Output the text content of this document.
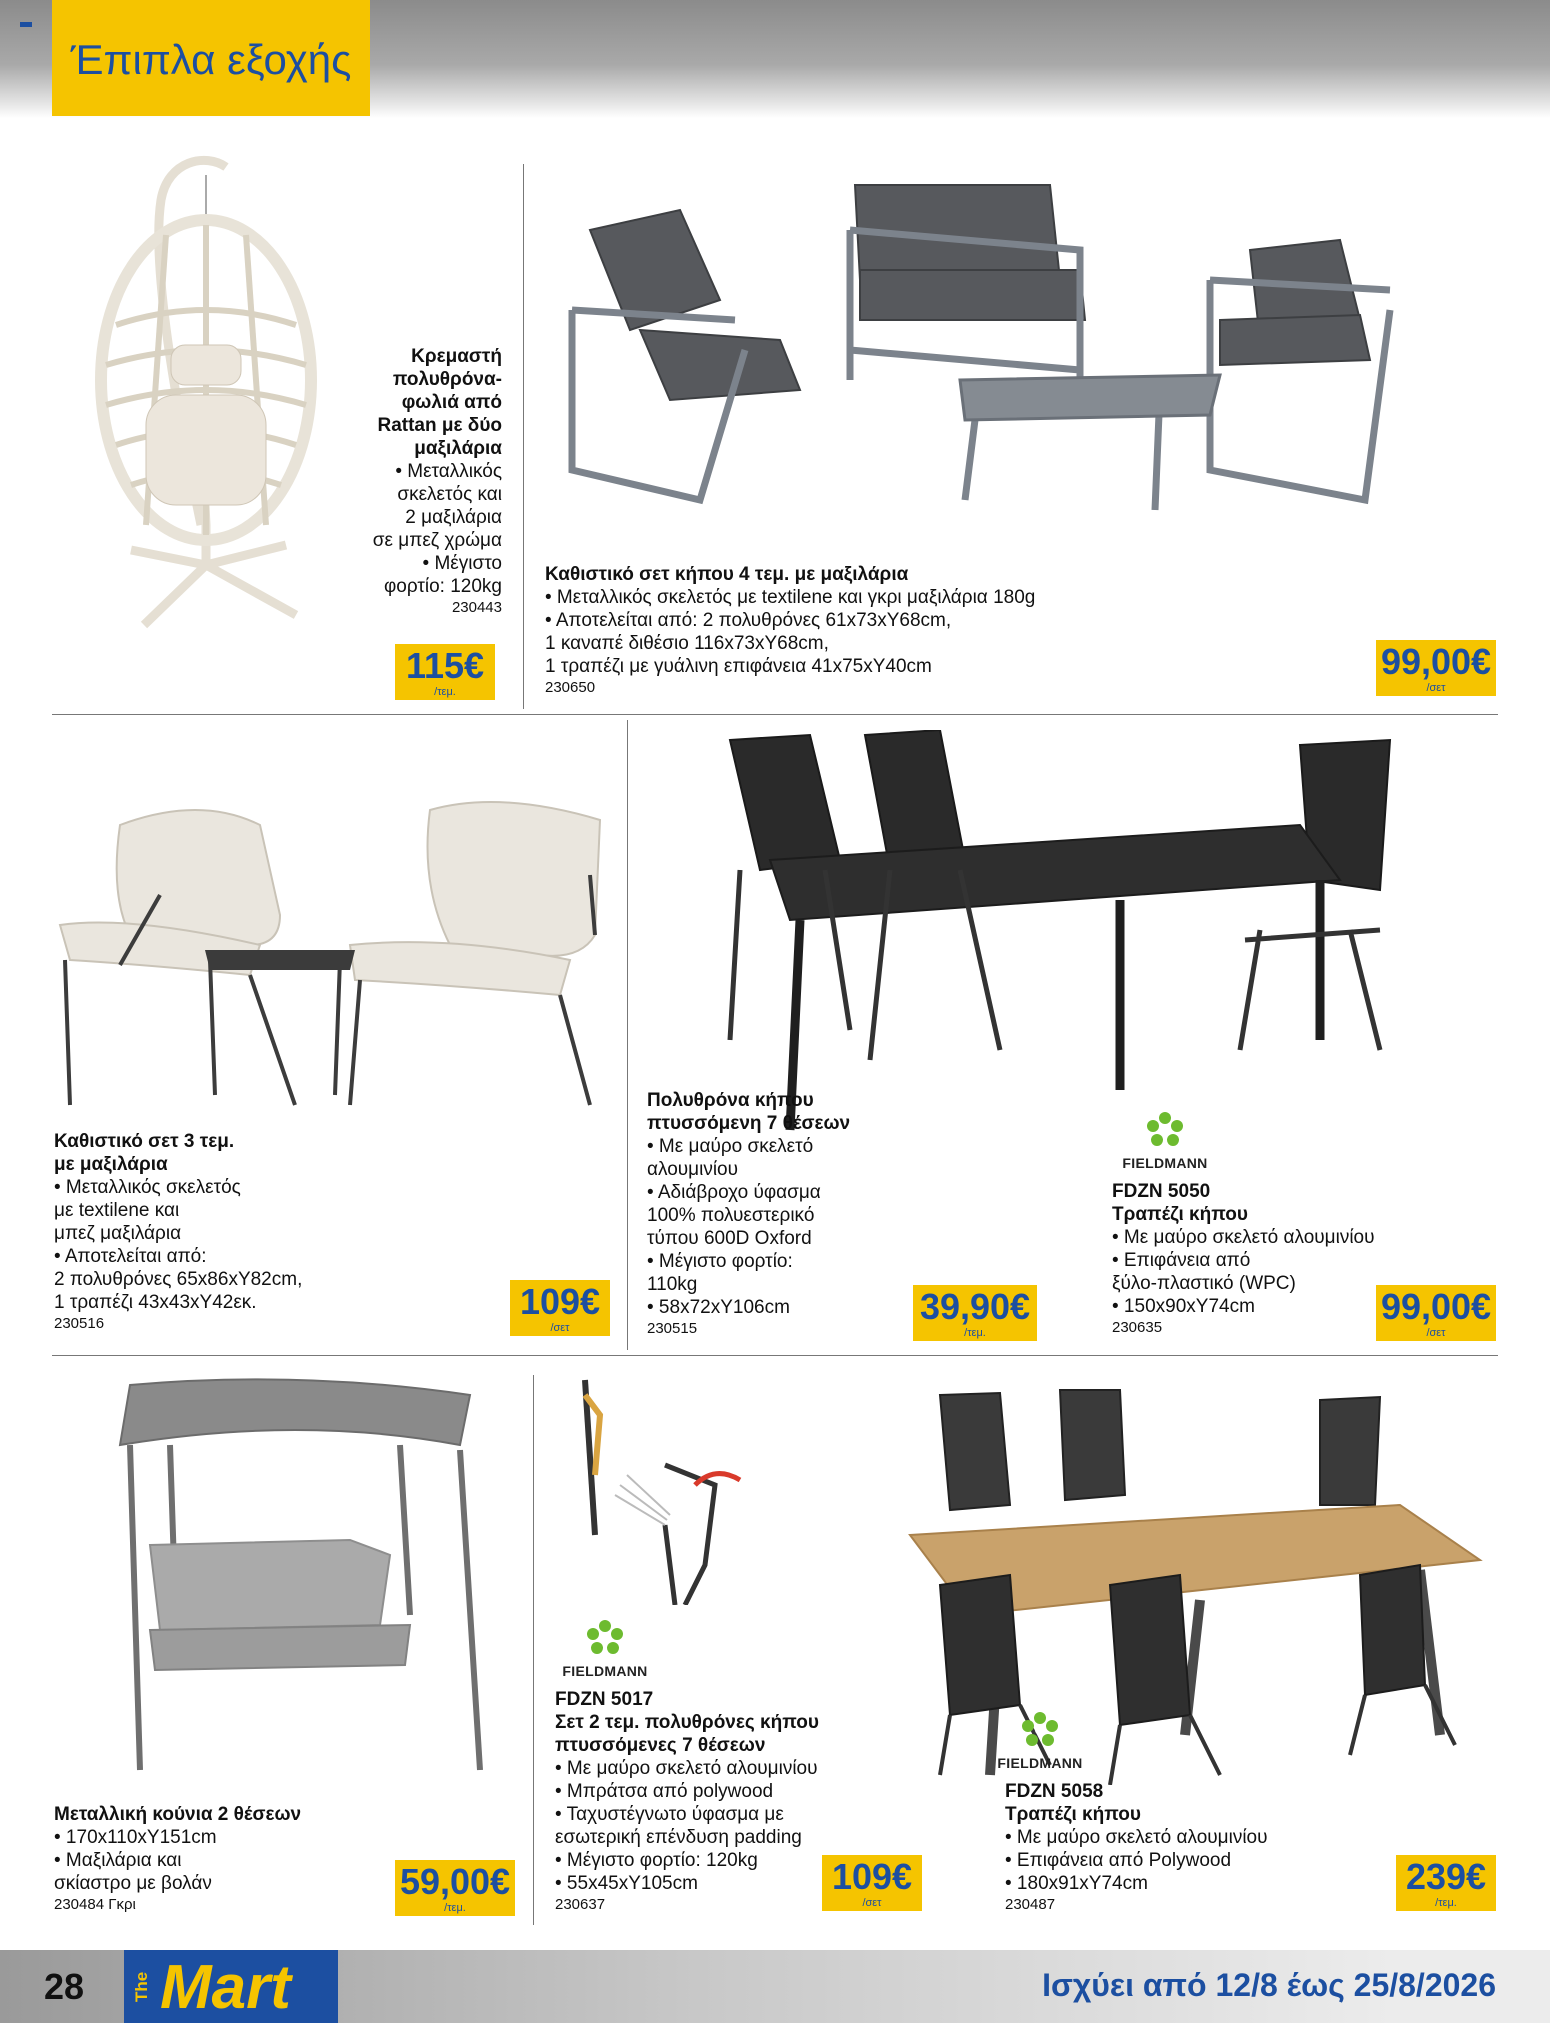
Έπιπλα εξοχής
Κρεμαστή
πολυθρόνα-
φωλιά από
Rattan με δύο
μαξιλάρια
• Μεταλλικός
σκελετός και
2 μαξιλάρια
σε μπεζ χρώμα
• Μέγιστο
φορτίο: 120kg
230443
115€
/τεμ.
Καθιστικό σετ κήπου 4 τεμ. με μαξιλάρια
• Μεταλλικός σκελετός με textilene και γκρι μαξιλάρια 180g
• Αποτελείται από: 2 πολυθρόνες 61x73xY68cm,
1 καναπέ διθέσιο 116x73xY68cm,
1 τραπέζι με γυάλινη επιφάνεια 41x75xY40cm
230650
99,00€
/σετ
Καθιστικό σετ 3 τεμ.
με μαξιλάρια
• Μεταλλικός σκελετός
με textilene και
μπεζ μαξιλάρια
• Αποτελείται από:
2 πολυθρόνες 65x86xY82cm,
1 τραπέζι 43x43xY42εκ.
230516
109€
/σετ
Πολυθρόνα κήπου
πτυσσόμενη 7 θέσεων
• Με μαύρο σκελετό
αλουμινίου
• Αδιάβροχο ύφασμα
100% πολυεστερικό
τύπου 600D Oxford
• Μέγιστο φορτίο:
110kg
• 58x72xY106cm
230515
39,90€
/τεμ.
FIELDMANN
FDZN 5050
Τραπέζι κήπου
• Με μαύρο σκελετό αλουμινίου
• Επιφάνεια από
ξύλο-πλαστικό (WPC)
• 150x90xY74cm
230635
99,00€
/σετ
Μεταλλική κούνια 2 θέσεων
• 170x110xY151cm
• Μαξιλάρια και
σκίαστρο με βολάν
230484 Γκρι
59,00€
/τεμ.
FIELDMANN
FDZN 5017
Σετ 2 τεμ. πολυθρόνες κήπου
πτυσσόμενες 7 θέσεων
• Με μαύρο σκελετό αλουμινίου
• Μπράτσα από polywood
• Ταχυστέγνωτο ύφασμα με
εσωτερική επένδυση padding
• Μέγιστο φορτίο: 120kg
• 55x45xY105cm
230637
109€
/σετ
FIELDMANN
FDZN 5058
Τραπέζι κήπου
• Με μαύρο σκελετό αλουμινίου
• Επιφάνεια από Polywood
• 180x91xY74cm
230487
239€
/τεμ.
28	The Mart	Ισχύει από 12/8 έως 25/8/2026
